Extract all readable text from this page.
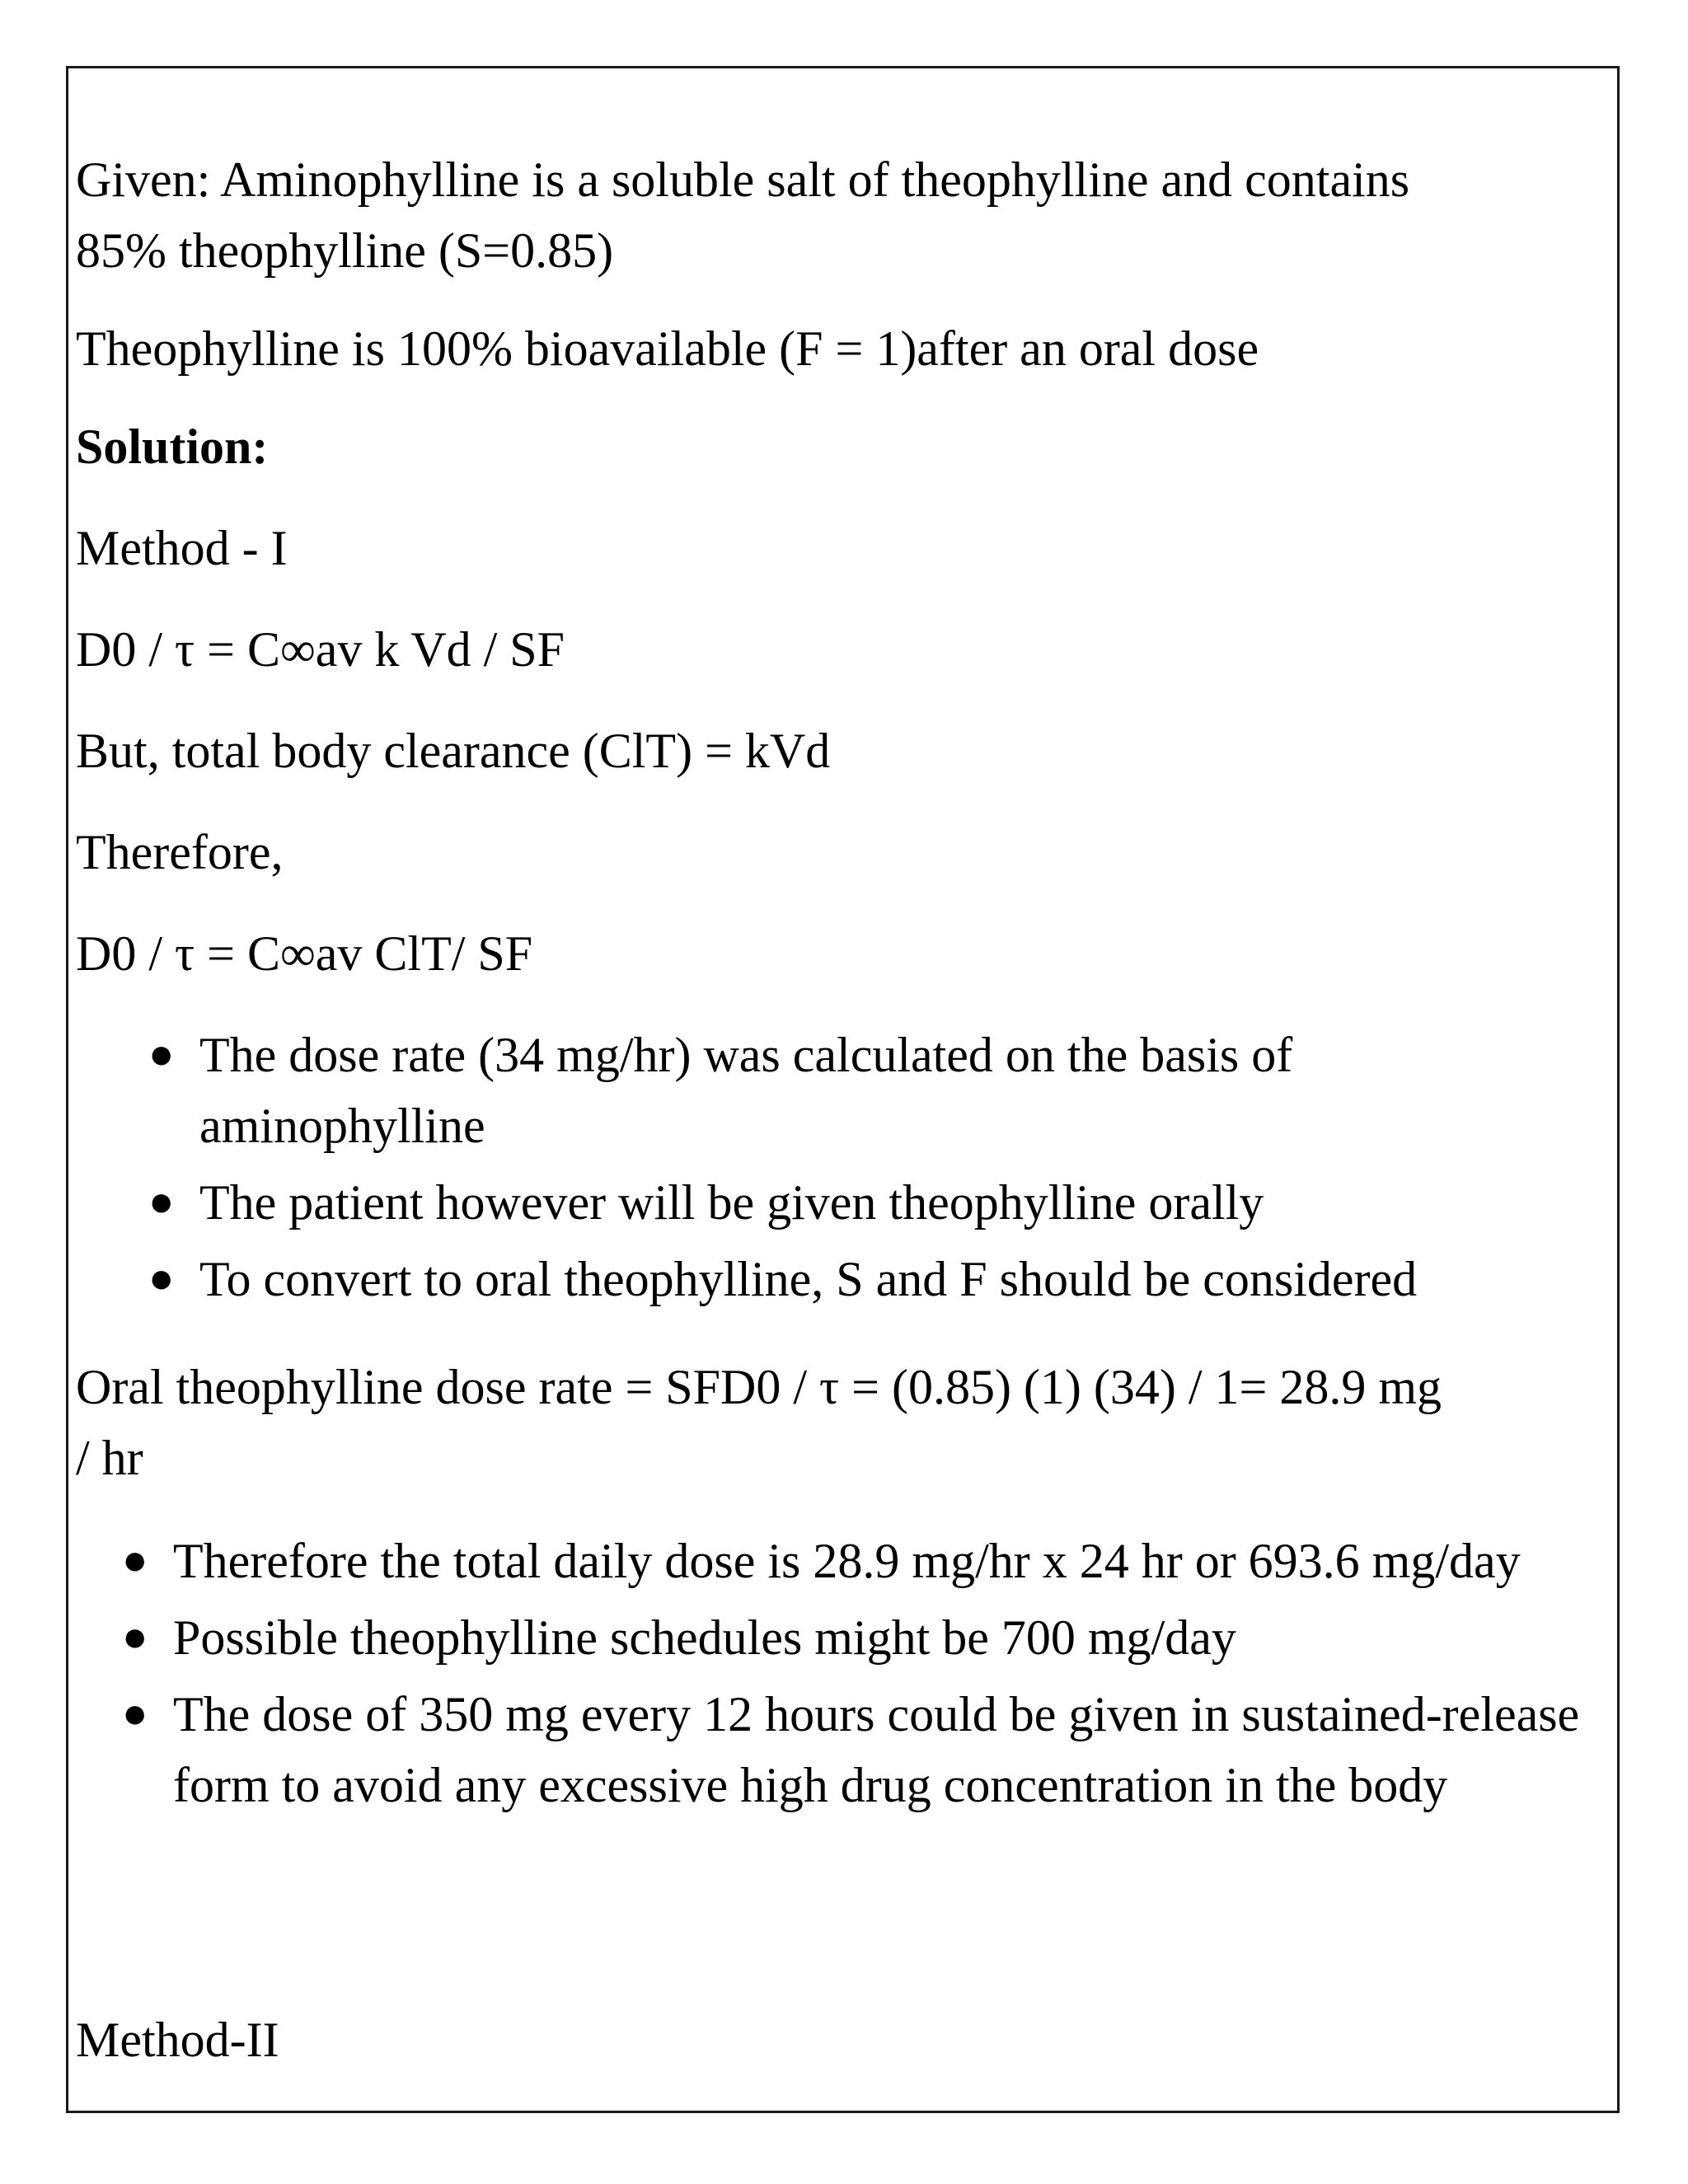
Given: Aminophylline is a soluble salt of theophylline and contains
85% theophylline (S=0.85)
Theophylline is 100% bioavailable (F = 1)after an oral dose
Solution:
Method - I
D0 / τ = C∞av k Vd / SF
But, total body clearance (ClT) = kVd
Therefore,
D0 / τ = C∞av ClT/ SF
● The dose rate (34 mg/hr) was calculated on the basis of aminophylline
● The patient however will be given theophylline orally
● To convert to oral theophylline, S and F should be considered
Oral theophylline dose rate = SFD0 / τ = (0.85) (1) (34) / 1= 28.9 mg
/ hr
● Therefore the total daily dose is 28.9 mg/hr x 24 hr or 693.6 mg/day
● Possible theophylline schedules might be 700 mg/day
● The dose of 350 mg every 12 hours could be given in sustained-release form to avoid any excessive high drug concentration in the body
Method-II
